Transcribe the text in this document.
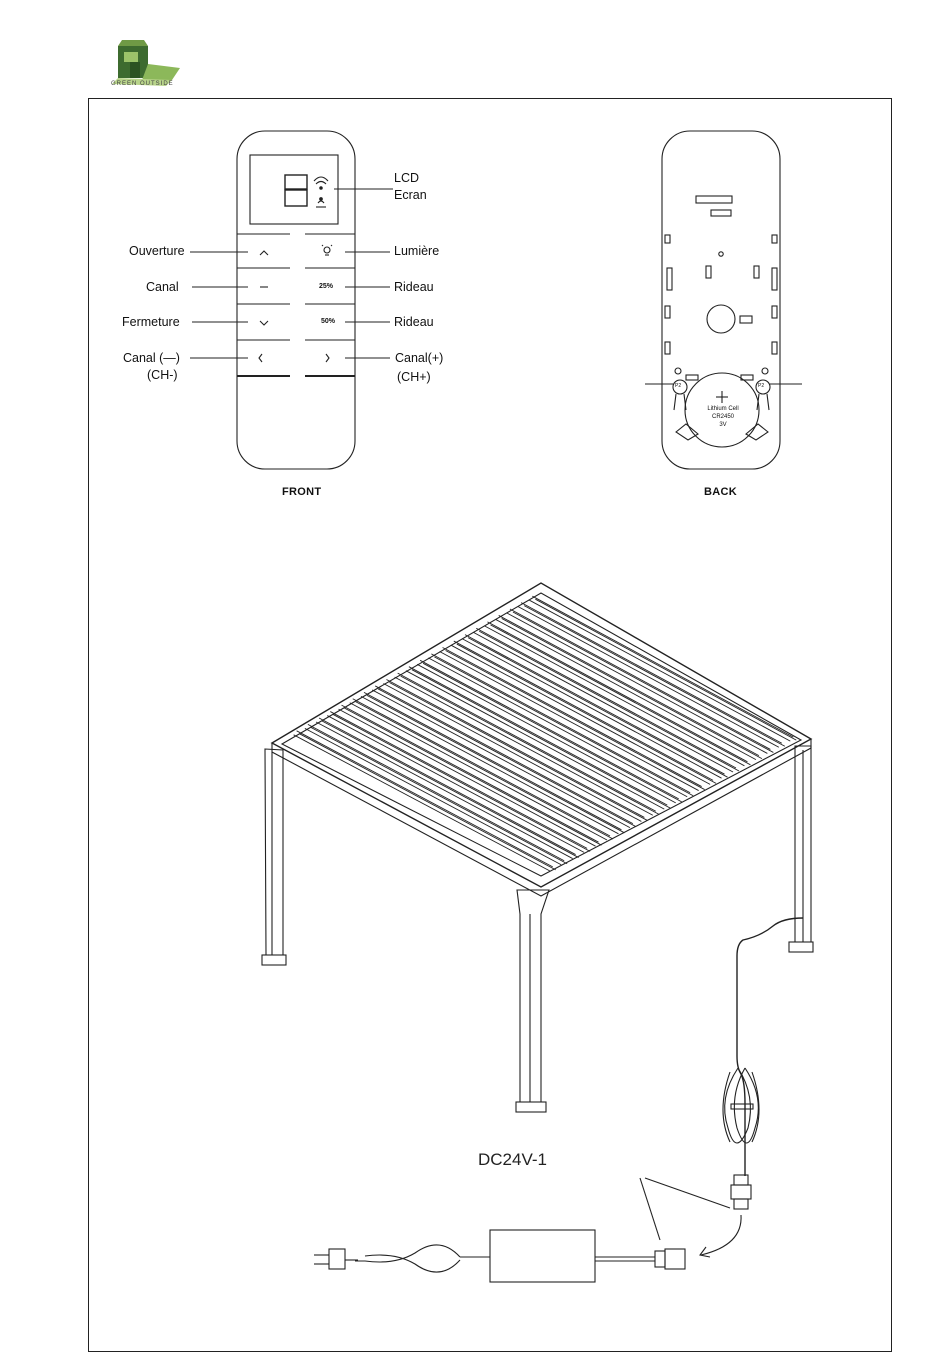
GREEN OUTSIDE
LCD
Ecran
Ouverture
Canal
Fermeture
Canal (—)
(CH-)
Lumière
Rideau
Rideau
Canal(+)
(CH+)
25%
50%
FRONT
Lithium Cell
CR2450
3V
P2	P2
BACK
DC24V-1
